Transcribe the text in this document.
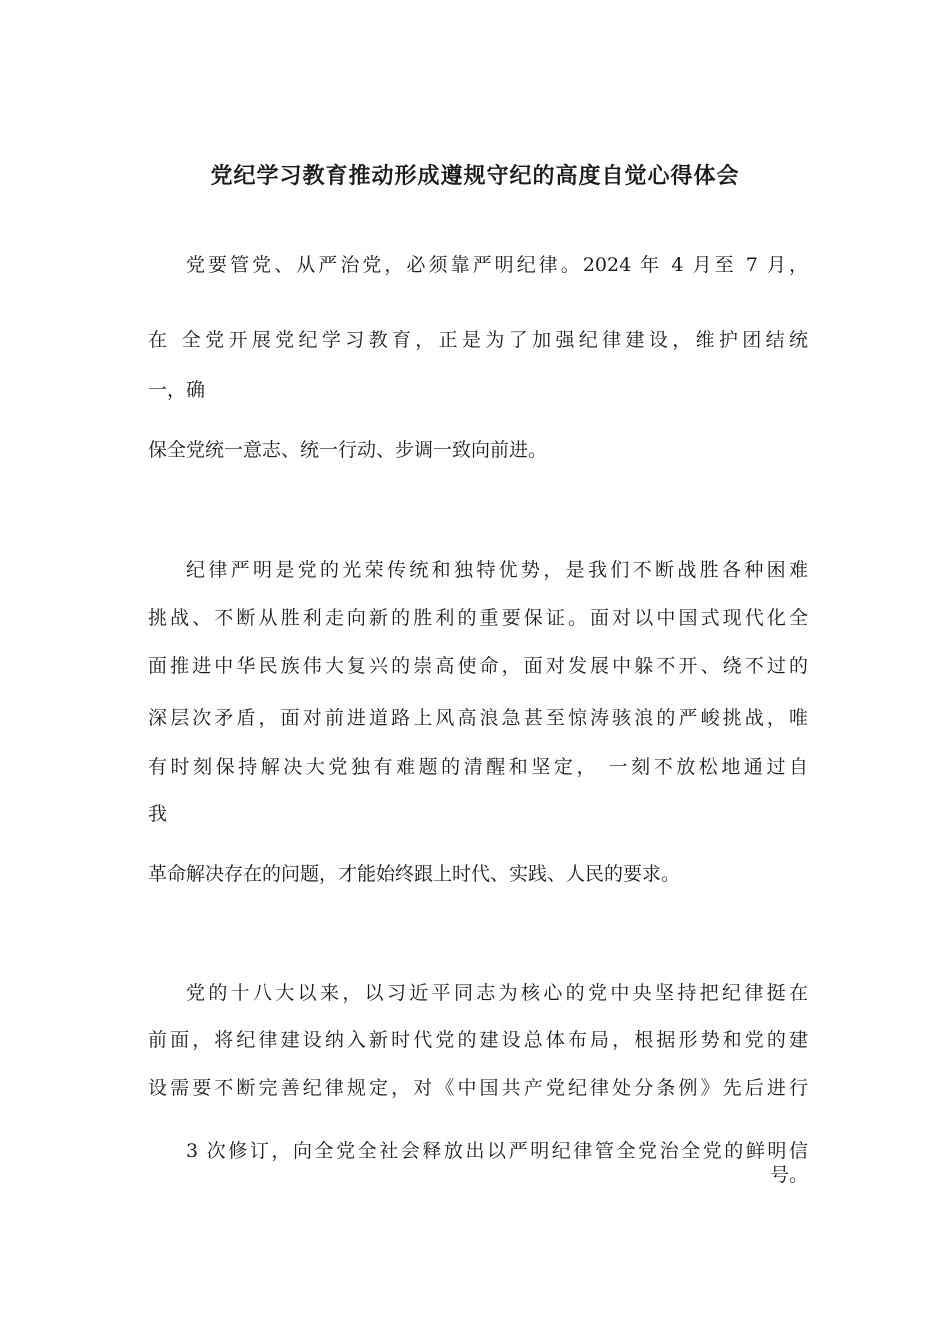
党纪学习教育推动形成遵规守纪的高度自觉心得体会

党要管党、从严治党，必须靠严明纪律。2024 年 4 月至 7 月，

在 全党开展党纪学习教育，正是为了加强纪律建设，维护团结统

一，确

保全党统一意志、统一行动、步调一致向前进。

纪律严明是党的光荣传统和独特优势，是我们不断战胜各种困难

挑战、不断从胜利走向新的胜利的重要保证。面对以中国式现代化全

面推进中华民族伟大复兴的崇高使命，面对发展中躲不开、绕不过的

深层次矛盾，面对前进道路上风高浪急甚至惊涛骇浪的严峻挑战，唯

有时刻保持解决大党独有难题的清醒和坚定， 一刻不放松地通过自

我

革命解决存在的问题，才能始终跟上时代、实践、人民的要求。

党的十八大以来，以习近平同志为核心的党中央坚持把纪律挺在

前面，将纪律建设纳入新时代党的建设总体布局，根据形势和党的建

设需要不断完善纪律规定，对《中国共产党纪律处分条例》先后进行

3 次修订，向全党全社会释放出以严明纪律管全党治全党的鲜明信

号。
